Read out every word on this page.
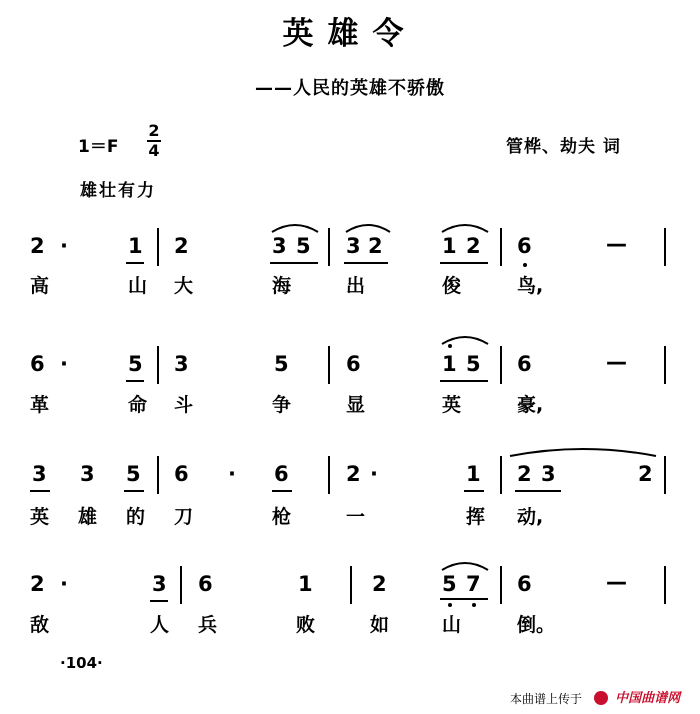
英雄令
——人民的英雄不骄傲
1＝F
2
4	管桦、劫夫 词
雄壮有力
2 ·	1 2	3 5 3 2	1 2 6	—
高	山 大	海	出	俊	鸟,
6 ·	5 3	5	6	1 5 6	—
革	命 斗	争	显	英	豪,
3 3 5 6 · 6	2 ·	1 2 3	2
英 雄 的 刀	枪	一	挥 动,
2 ·	3 6	1	2	5 7 6	—
敌	人 兵	败	如	山	倒。
·104·
本曲谱上传于	中国曲谱网
